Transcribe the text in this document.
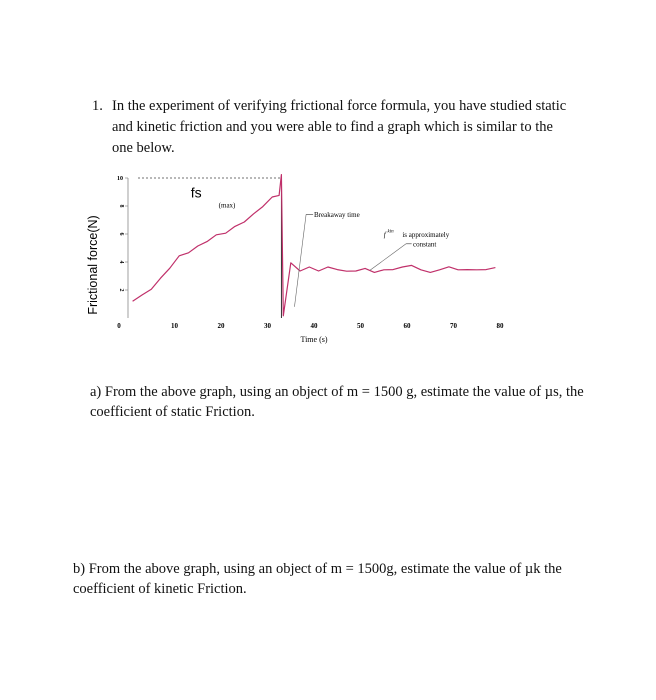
1. In the experiment of verifying frictional force formula, you have studied static and kinetic friction and you were able to find a graph which is similar to the one below.
Frictional force(N)
0	10	20	30	40	50	60	70	80
2
4
6
8
10
fs
(max)
Breakaway time
f kin is approximately
constant
Time (s)
a) From the above graph, using an object of m = 1500 g, estimate the value of µs, the coefficient of static Friction.
b) From the above graph, using an object of m = 1500g, estimate the value of µk the coefficient of kinetic Friction.
